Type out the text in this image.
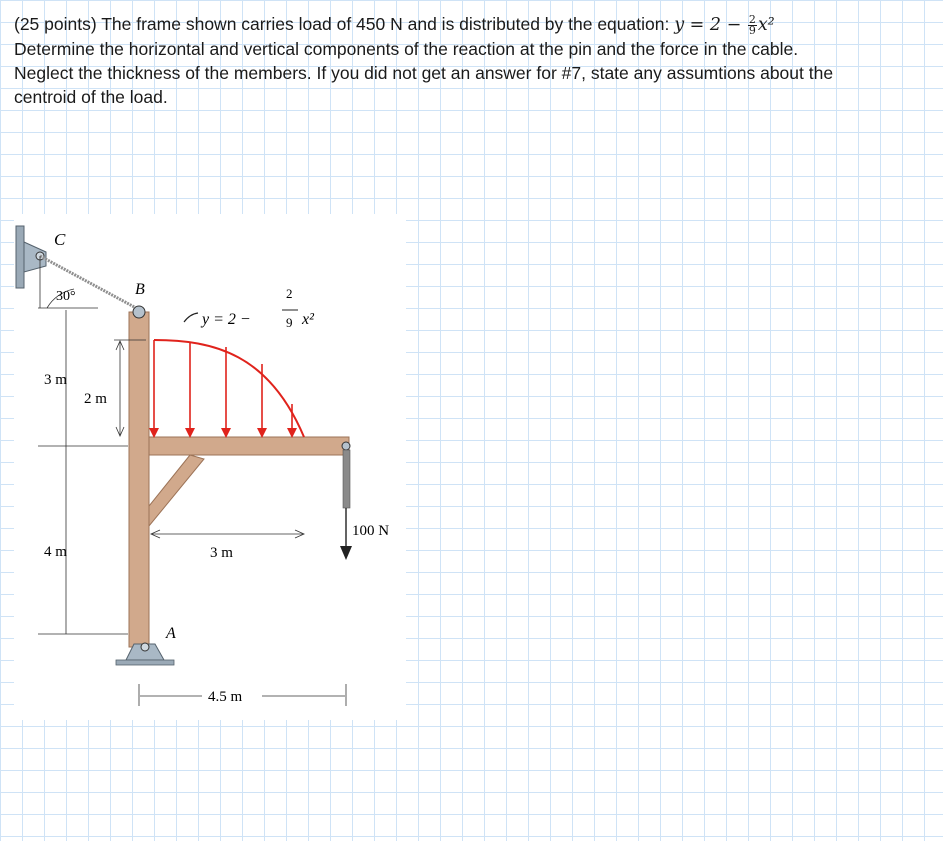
(25 points) The frame shown carries load of 450 N and is distributed by the equation: $y = 2 - \frac{2}{9} x^2$

Determine the horizontal and vertical components of the reaction at the pin and the force in the cable.

Neglect the thickness of the members. If you did not get an answer for #7, state any assumtions about the

centroid of the load.

30°
C
B
100 N
A
y = 2 −
2
9 x²
2 m
3 m
4 m	3 m
4.5 m
